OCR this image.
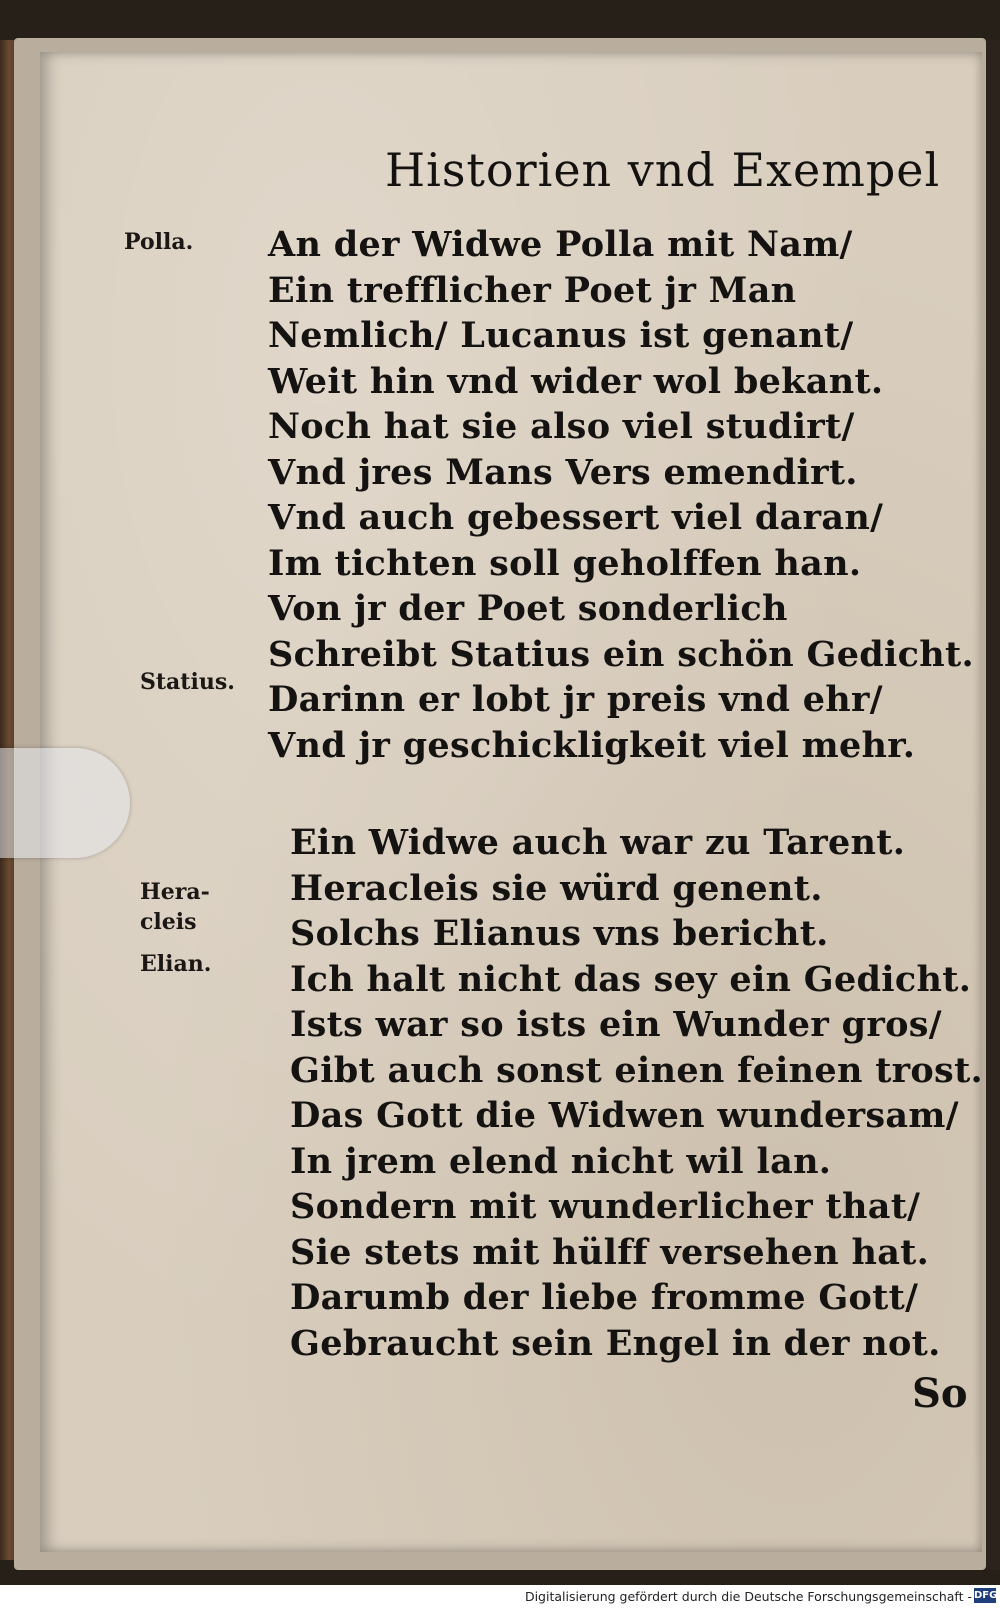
Historien vnd Exempel
Polla.
Statius.
Hera-
cleis
Elian.
An der Widwe Polla mit Nam/
Ein trefflicher Poet jr Man
Nemlich/ Lucanus ist genant/
Weit hin vnd wider wol bekant.
Noch hat sie also viel studirt/
Vnd jres Mans Vers emendirt.
Vnd auch gebessert viel daran/
Im tichten soll geholffen han.
Von jr der Poet sonderlich
Schreibt Statius ein schön Gedicht.
Darinn er lobt jr preis vnd ehr/
Vnd jr geschickligkeit viel mehr.
Ein Widwe auch war zu Tarent.
Heracleis sie würd genent.
Solchs Elianus vns bericht.
Ich halt nicht das sey ein Gedicht.
Ists war so ists ein Wunder gros/
Gibt auch sonst einen feinen trost.
Das Gott die Widwen wundersam/
In jrem elend nicht wil lan.
Sondern mit wunderlicher that/
Sie stets mit hülff versehen hat.
Darumb der liebe fromme Gott/
Gebraucht sein Engel in der not.
So
Digitalisierung gefördert durch die Deutsche Forschungsgemeinschaft - DFG
